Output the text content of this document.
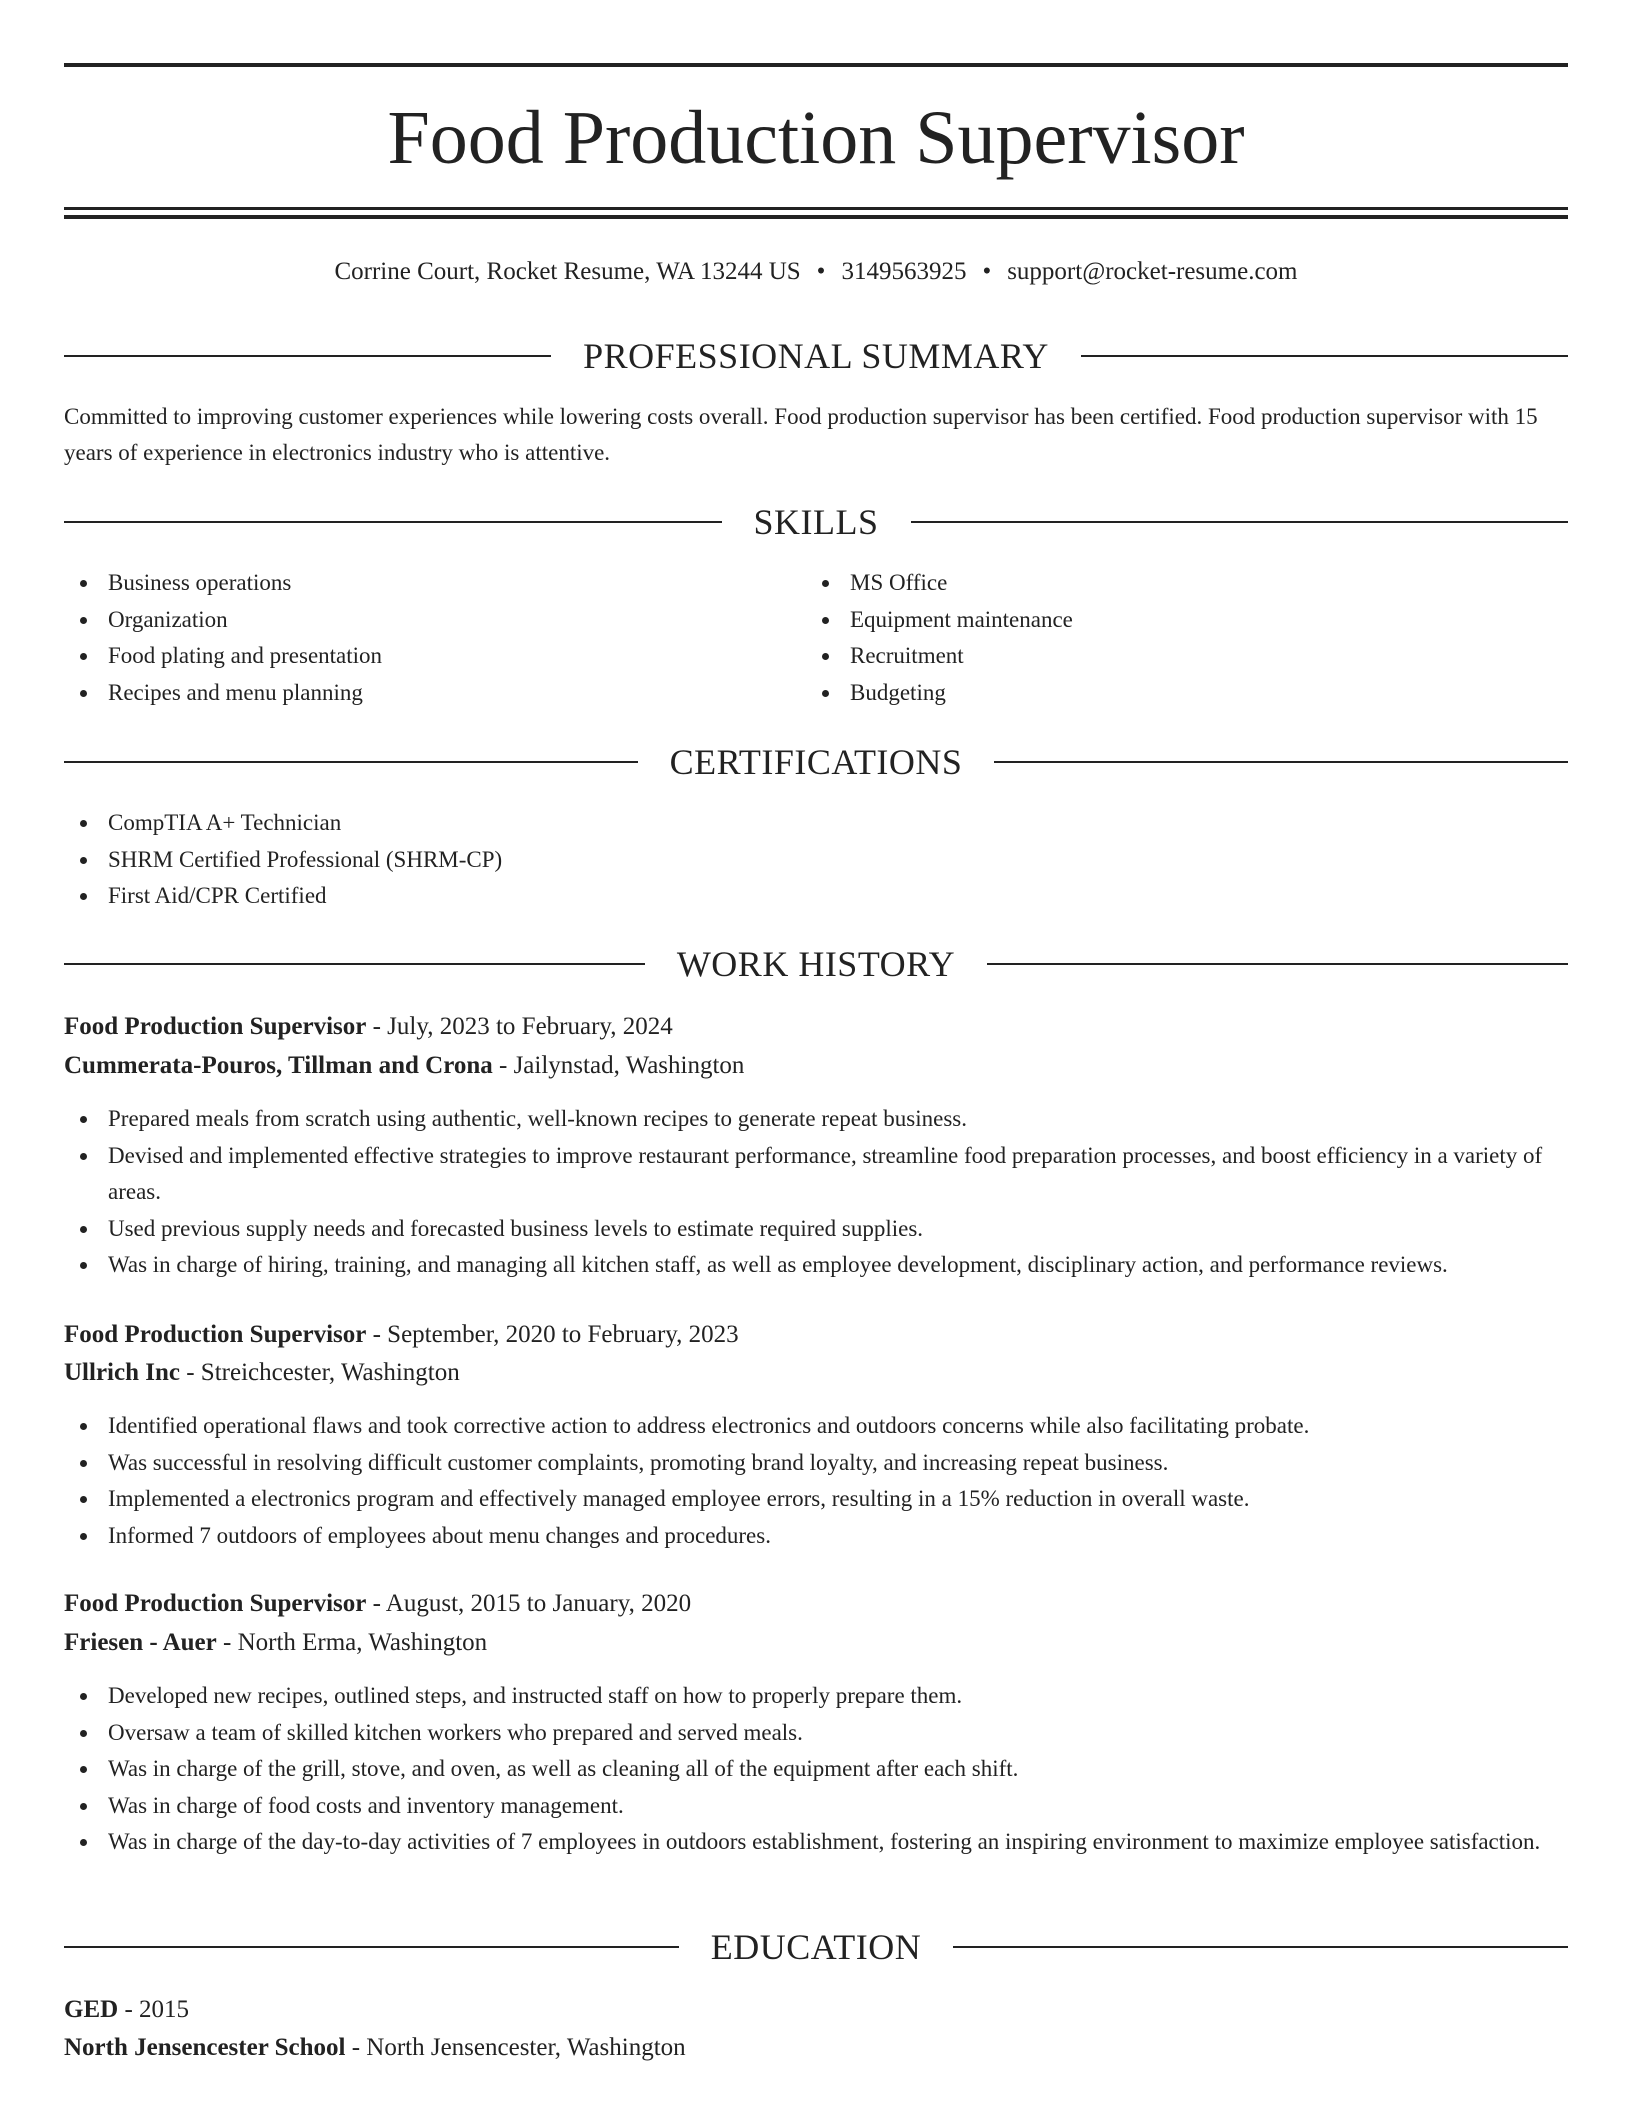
Food Production Supervisor
Corrine Court, Rocket Resume, WA 13244 US • 3149563925 • support@rocket-resume.com
PROFESSIONAL SUMMARY

Committed to improving customer experiences while lowering costs overall. Food production supervisor has been certified. Food production supervisor with 15 years of experience in electronics industry who is attentive.

SKILLS
Business operations
Organization
Food plating and presentation
Recipes and menu planning
MS Office
Equipment maintenance
Recruitment
Budgeting
CERTIFICATIONS
CompTIA A+ Technician
SHRM Certified Professional (SHRM-CP)
First Aid/CPR Certified
WORK HISTORY
Food Production Supervisor - July, 2023 to February, 2024
Cummerata-Pouros, Tillman and Crona - Jailynstad, Washington
Prepared meals from scratch using authentic, well-known recipes to generate repeat business.
Devised and implemented effective strategies to improve restaurant performance, streamline food preparation processes, and boost efficiency in a variety of areas.
Used previous supply needs and forecasted business levels to estimate required supplies.
Was in charge of hiring, training, and managing all kitchen staff, as well as employee development, disciplinary action, and performance reviews.
Food Production Supervisor - September, 2020 to February, 2023
Ullrich Inc - Streichcester, Washington
Identified operational flaws and took corrective action to address electronics and outdoors concerns while also facilitating probate.
Was successful in resolving difficult customer complaints, promoting brand loyalty, and increasing repeat business.
Implemented a electronics program and effectively managed employee errors, resulting in a 15% reduction in overall waste.
Informed 7 outdoors of employees about menu changes and procedures.
Food Production Supervisor - August, 2015 to January, 2020
Friesen - Auer - North Erma, Washington
Developed new recipes, outlined steps, and instructed staff on how to properly prepare them.
Oversaw a team of skilled kitchen workers who prepared and served meals.
Was in charge of the grill, stove, and oven, as well as cleaning all of the equipment after each shift.
Was in charge of food costs and inventory management.
Was in charge of the day-to-day activities of 7 employees in outdoors establishment, fostering an inspiring environment to maximize employee satisfaction.
EDUCATION
GED - 2015
North Jensencester School - North Jensencester, Washington
